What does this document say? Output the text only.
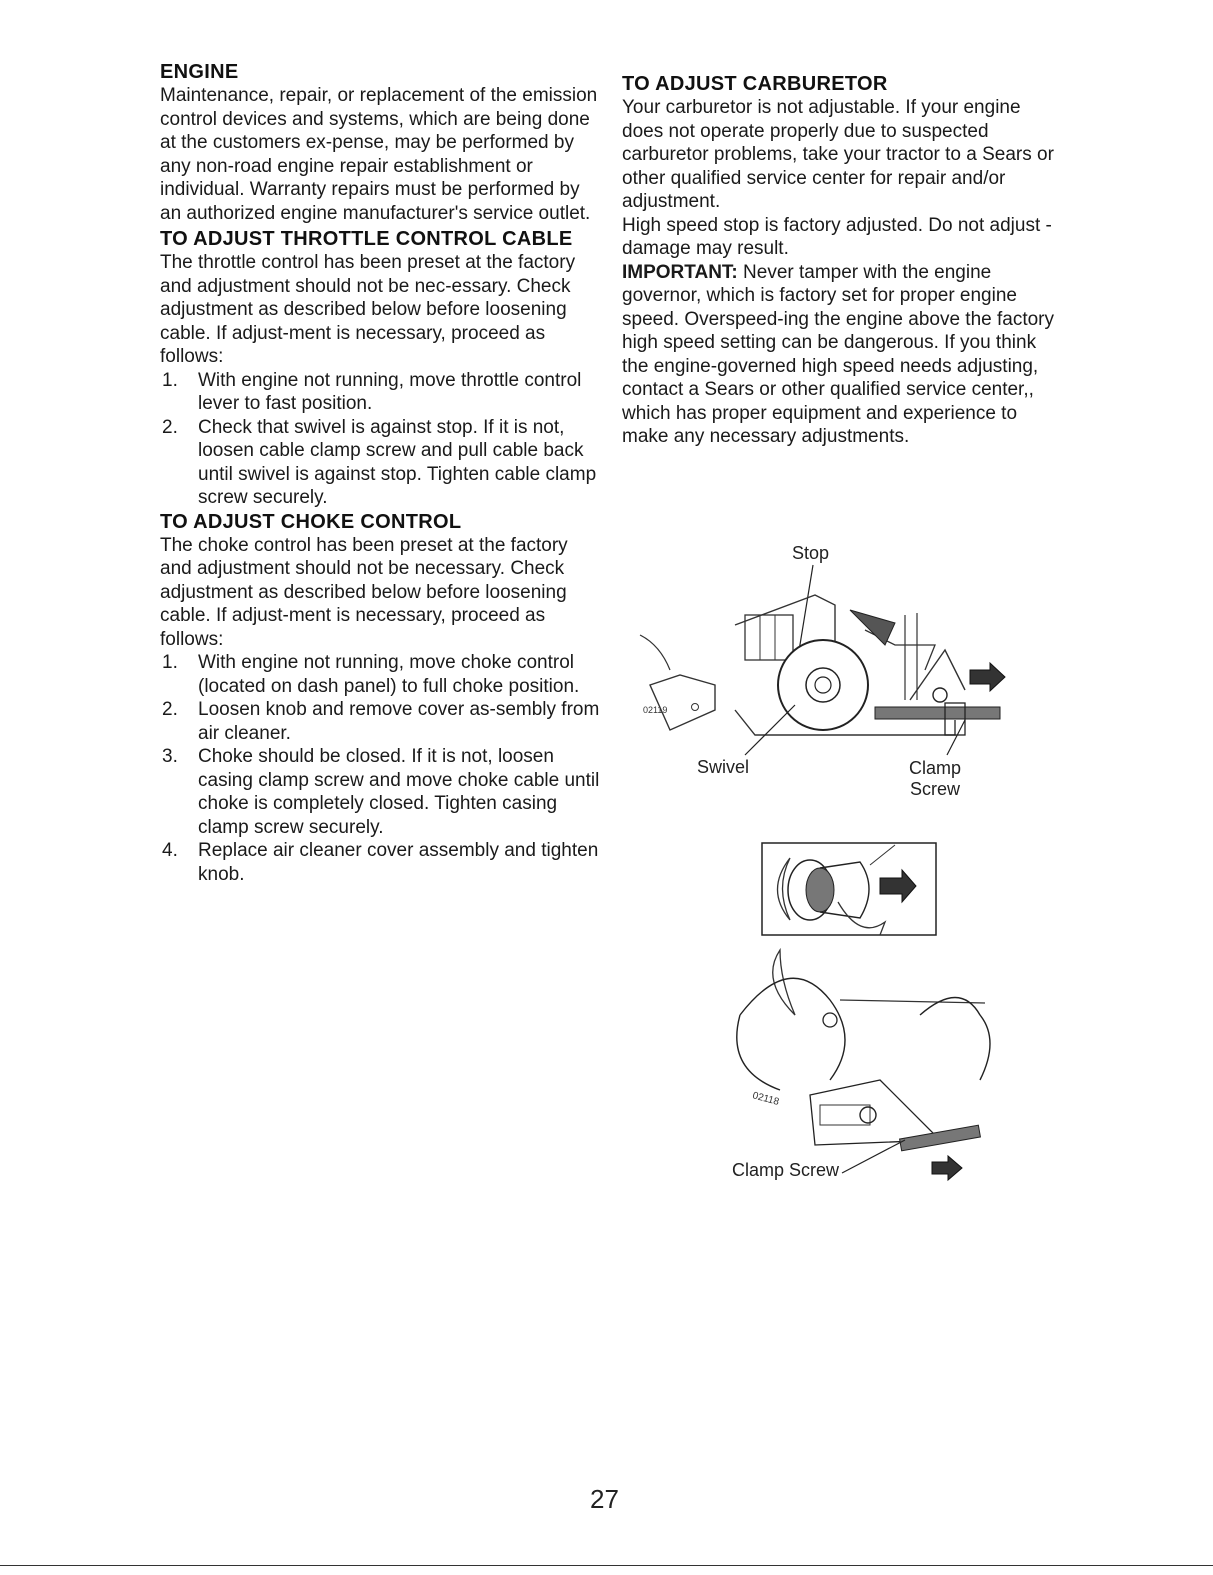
ENGINE

Maintenance, repair, or replacement of the emission control devices and systems, which are being done at the customers ex-pense, may be performed by any non-road engine repair establishment or individual. Warranty repairs must be performed by an authorized engine manufacturer's service outlet.

TO ADJUST THROTTLE CONTROL CABLE

The throttle control has been preset at the factory and adjustment should not be nec-essary. Check adjustment as described below before loosening cable. If adjust-ment is necessary, proceed as follows:

1. With engine not running, move throttle control lever to fast position.
2. Check that swivel is against stop. If it is not, loosen cable clamp screw and pull cable back until swivel is against stop. Tighten cable clamp screw securely.
TO ADJUST CHOKE CONTROL

The choke control has been preset at the factory and adjustment should not be necessary. Check adjustment as described below before loosening cable. If adjust-ment is necessary, proceed as follows:

1. With engine not running, move choke control (located on dash panel) to full choke position.
2. Loosen knob and remove cover as-sembly from air cleaner.
3. Choke should be closed. If it is not, loosen casing clamp screw and move choke cable until choke is completely closed. Tighten casing clamp screw securely.
4. Replace air cleaner cover assembly and tighten knob.
TO ADJUST CARBURETOR

Your carburetor is not adjustable. If your engine does not operate properly due to suspected carburetor problems, take your tractor to a Sears or other qualified service center for repair and/or adjustment.

High speed stop is factory adjusted. Do not adjust - damage may result.

IMPORTANT: Never tamper with the engine governor, which is factory set for proper engine speed. Overspeed-ing the engine above the factory high speed setting can be dangerous. If you think the engine-governed high speed needs adjusting, contact a Sears or other qualified service center,, which has proper equipment and experience to make any necessary adjustments.

Stop
02119
Swivel	Clamp
Screw
02118
Clamp Screw
27
